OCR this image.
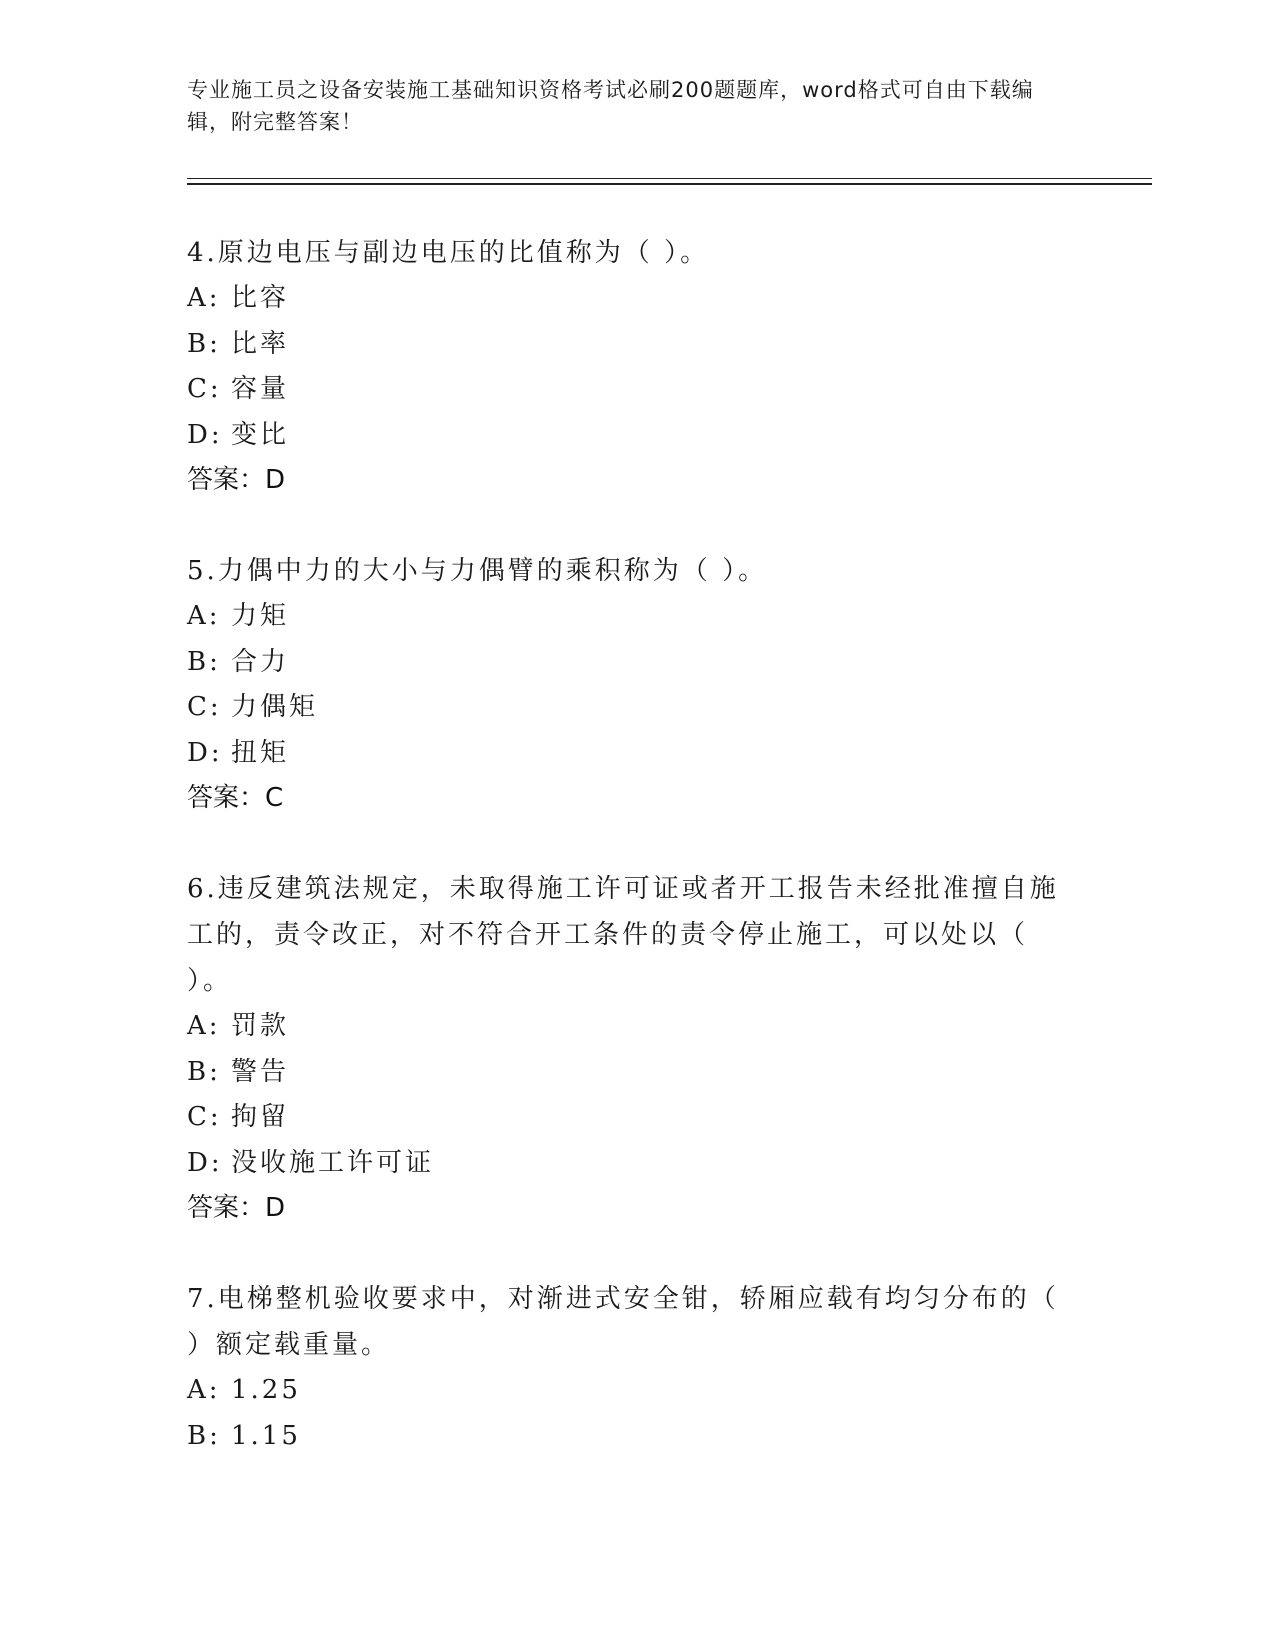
专业施工员之设备安装施工基础知识资格考试必刷200题题库，word格式可自由下载编辑，附完整答案！
4.原边电压与副边电压的比值称为（ ）。
A: 比容
B: 比率
C: 容量
D: 变比
答案：D
5.力偶中力的大小与力偶臂的乘积称为（ ）。
A: 力矩
B: 合力
C: 力偶矩
D: 扭矩
答案：C
6.违反建筑法规定，未取得施工许可证或者开工报告未经批准擅自施工的，责令改正，对不符合开工条件的责令停止施工，可以处以（ ）。
A: 罚款
B: 警告
C: 拘留
D: 没收施工许可证
答案：D
7.电梯整机验收要求中，对渐进式安全钳，轿厢应载有均匀分布的（ ）额定载重量。
A: 1.25
B: 1.15
